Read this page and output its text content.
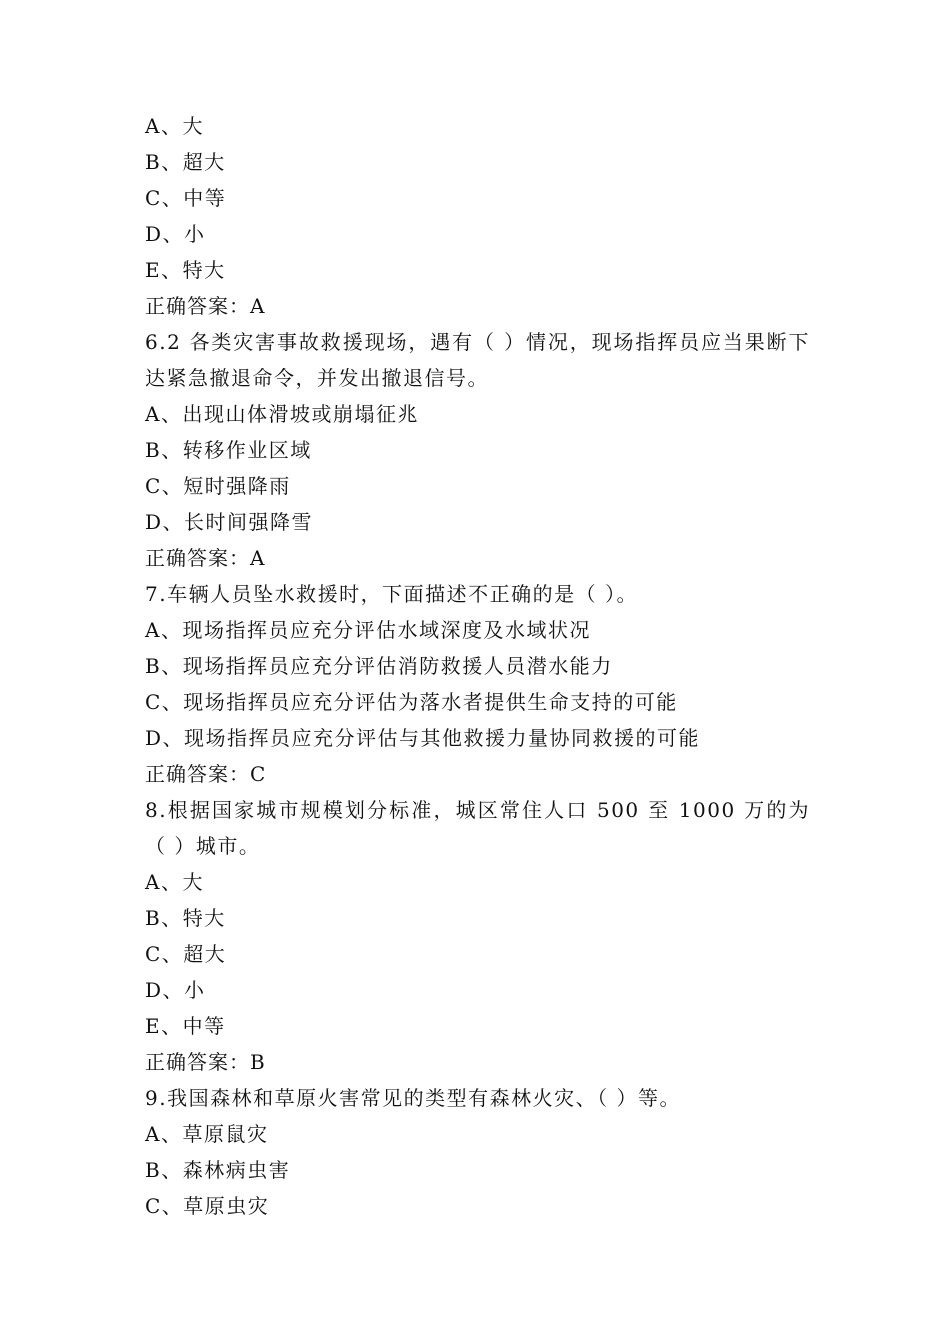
A、大
B、超大
C、中等
D、小
E、特大
正确答案：A
6.2 各类灾害事故救援现场，遇有（ ）情况，现场指挥员应当果断下达紧急撤退命令，并发出撤退信号。
A、出现山体滑坡或崩塌征兆
B、转移作业区域
C、短时强降雨
D、长时间强降雪
正确答案：A
7.车辆人员坠水救援时，下面描述不正确的是（ ）。
A、现场指挥员应充分评估水域深度及水域状况
B、现场指挥员应充分评估消防救援人员潜水能力
C、现场指挥员应充分评估为落水者提供生命支持的可能
D、现场指挥员应充分评估与其他救援力量协同救援的可能
正确答案：C
8.根据国家城市规模划分标准，城区常住人口 500 至 1000 万的为（ ）城市。
A、大
B、特大
C、超大
D、小
E、中等
正确答案：B
9.我国森林和草原火害常见的类型有森林火灾、（ ）等。
A、草原鼠灾
B、森林病虫害
C、草原虫灾
